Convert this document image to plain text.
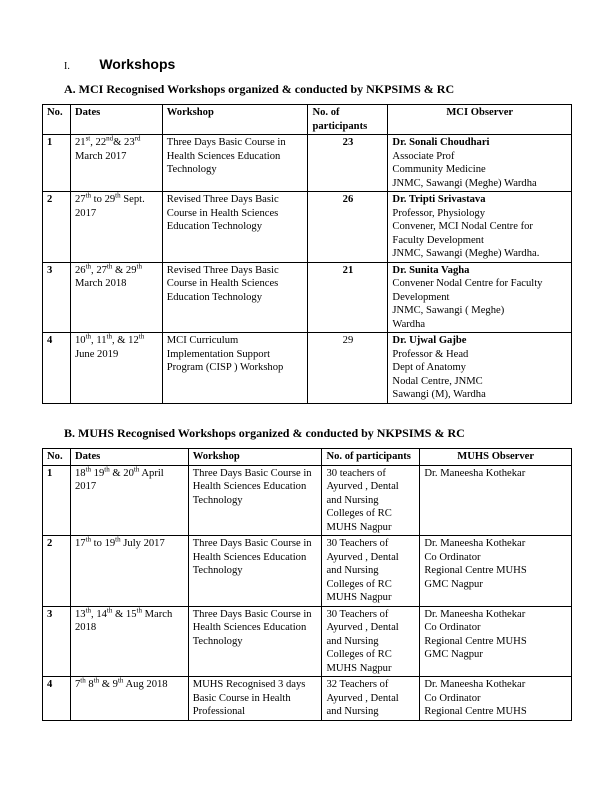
I. Workshops
A. MCI Recognised Workshops organized & conducted by NKPSIMS & RC
No.	Dates	Workshop	No. of participants	MCI Observer
1	21st, 22nd& 23rd March 2017	Three Days Basic Course in Health Sciences Education Technology	23	Dr. Sonali Choudhari
Associate Prof
Community Medicine
JNMC, Sawangi (Meghe) Wardha

2	27th to 29th Sept. 2017	Revised Three Days Basic Course in Health Sciences Education Technology	26	Dr. Tripti Srivastava
Professor, Physiology
Convener, MCI Nodal Centre for Faculty Development
JNMC, Sawangi (Meghe) Wardha.

3	26th, 27th & 29th March 2018	Revised Three Days Basic Course in Health Sciences Education Technology	21	Dr. Sunita Vagha
Convener Nodal Centre for Faculty Development
JNMC, Sawangi ( Meghe)
Wardha

4	10th, 11th, & 12th June 2019	MCI Curriculum Implementation Support Program (CISP ) Workshop	29	Dr. Ujwal Gajbe
Professor & Head
Dept of Anatomy
Nodal Centre, JNMC
Sawangi (M), Wardha
B. MUHS Recognised Workshops organized & conducted by NKPSIMS & RC
No.	Dates	Workshop	No. of participants	MUHS Observer
1	18th 19th & 20th April 2017	Three Days Basic Course in Health Sciences Education Technology	30 teachers of Ayurved , Dental and Nursing Colleges of RC MUHS Nagpur	Dr. Maneesha Kothekar

2	17th to 19th July 2017	Three Days Basic Course in Health Sciences Education Technology	30 Teachers of Ayurved , Dental and Nursing Colleges of RC MUHS Nagpur	Dr. Maneesha Kothekar
Co Ordinator
Regional Centre MUHS
GMC Nagpur

3	13th, 14th & 15th March 2018	Three Days Basic Course in Health Sciences Education Technology	30 Teachers of Ayurved , Dental and Nursing Colleges of RC MUHS Nagpur	Dr. Maneesha Kothekar
Co Ordinator
Regional Centre MUHS
GMC Nagpur

4	7th 8th & 9th Aug 2018	MUHS Recognised 3 days Basic Course in Health Professional	32 Teachers of Ayurved , Dental and Nursing	Dr. Maneesha Kothekar
Co Ordinator
Regional Centre MUHS
